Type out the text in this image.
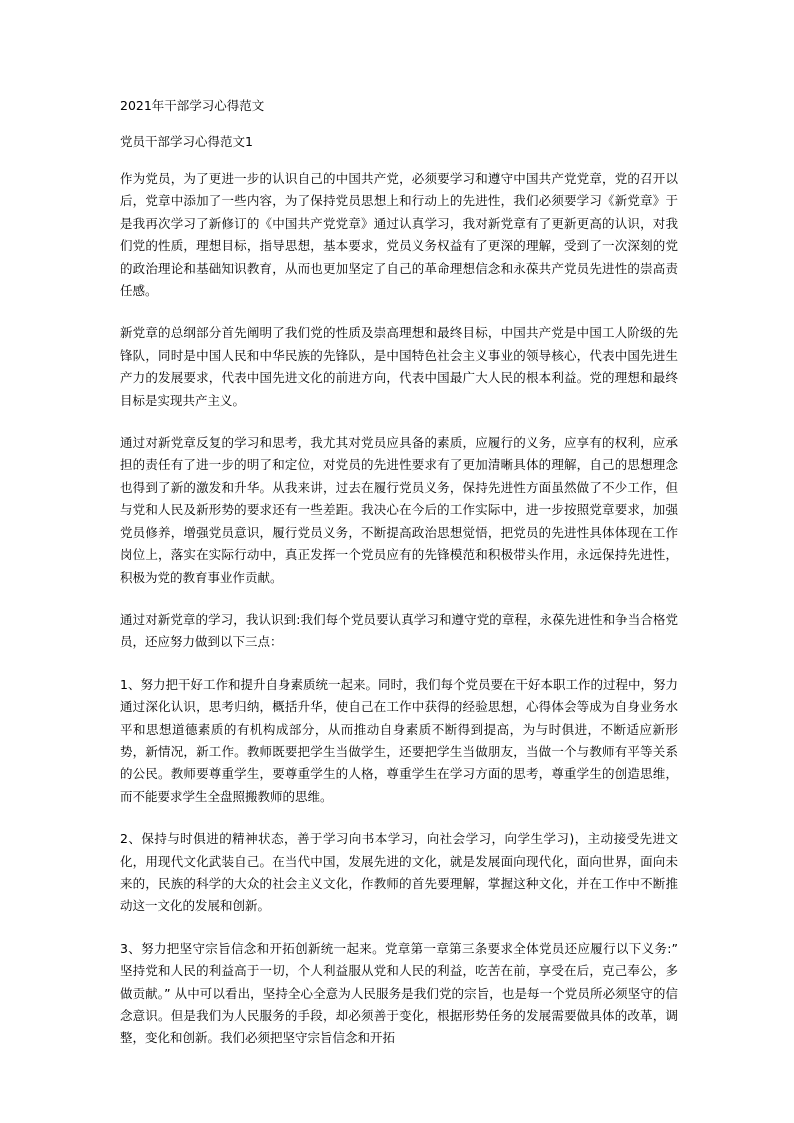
2021年干部学习心得范文
党员干部学习心得范文1

作为党员，为了更进一步的认识自己的中国共产党，必须要学习和遵守中国共产党党章，党的召开以后，党章中添加了一些内容，为了保持党员思想上和行动上的先进性，我们必须要学习《新党章》于是我再次学习了新修订的《中国共产党党章》通过认真学习，我对新党章有了更新更高的认识，对我们党的性质，理想目标，指导思想，基本要求，党员义务权益有了更深的理解，受到了一次深刻的党的政治理论和基础知识教育，从而也更加坚定了自己的革命理想信念和永葆共产党员先进性的崇高责任感。

新党章的总纲部分首先阐明了我们党的性质及崇高理想和最终目标，中国共产党是中国工人阶级的先锋队，同时是中国人民和中华民族的先锋队，是中国特色社会主义事业的领导核心，代表中国先进生产力的发展要求，代表中国先进文化的前进方向，代表中国最广大人民的根本利益。党的理想和最终目标是实现共产主义。

通过对新党章反复的学习和思考，我尤其对党员应具备的素质，应履行的义务，应享有的权利，应承担的责任有了进一步的明了和定位，对党员的先进性要求有了更加清晰具体的理解，自己的思想理念也得到了新的激发和升华。从我来讲，过去在履行党员义务，保持先进性方面虽然做了不少工作，但与党和人民及新形势的要求还有一些差距。我决心在今后的工作实际中，进一步按照党章要求，加强党员修养，增强党员意识，履行党员义务，不断提高政治思想觉悟，把党员的先进性具体体现在工作岗位上，落实在实际行动中，真正发挥一个党员应有的先锋模范和积极带头作用，永远保持先进性，积极为党的教育事业作贡献。

通过对新党章的学习，我认识到:我们每个党员要认真学习和遵守党的章程，永葆先进性和争当合格党员，还应努力做到以下三点：

1、努力把干好工作和提升自身素质统一起来。同时，我们每个党员要在干好本职工作的过程中，努力通过深化认识，思考归纳，概括升华，使自己在工作中获得的经验思想，心得体会等成为自身业务水平和思想道德素质的有机构成部分，从而推动自身素质不断得到提高，为与时俱进，不断适应新形势，新情况，新工作。教师既要把学生当做学生，还要把学生当做朋友，当做一个与教师有平等关系的公民。教师要尊重学生，要尊重学生的人格，尊重学生在学习方面的思考，尊重学生的创造思维，而不能要求学生全盘照搬教师的思维。

2、保持与时俱进的精神状态，善于学习向书本学习，向社会学习，向学生学习)，主动接受先进文化，用现代文化武装自己。在当代中国，发展先进的文化，就是发展面向现代化，面向世界，面向未来的，民族的科学的大众的社会主义文化，作教师的首先要理解，掌握这种文化，并在工作中不断推动这一文化的发展和创新。

3、努力把坚守宗旨信念和开拓创新统一起来。党章第一章第三条要求全体党员还应履行以下义务:” 坚持党和人民的利益高于一切，个人利益服从党和人民的利益，吃苦在前，享受在后，克己奉公，多做贡献。” 从中可以看出，坚持全心全意为人民服务是我们党的宗旨，也是每一个党员所必须坚守的信念意识。但是我们为人民服务的手段，却必须善于变化，根据形势任务的发展需要做具体的改革，调整，变化和创新。我们必须把坚守宗旨信念和开拓
